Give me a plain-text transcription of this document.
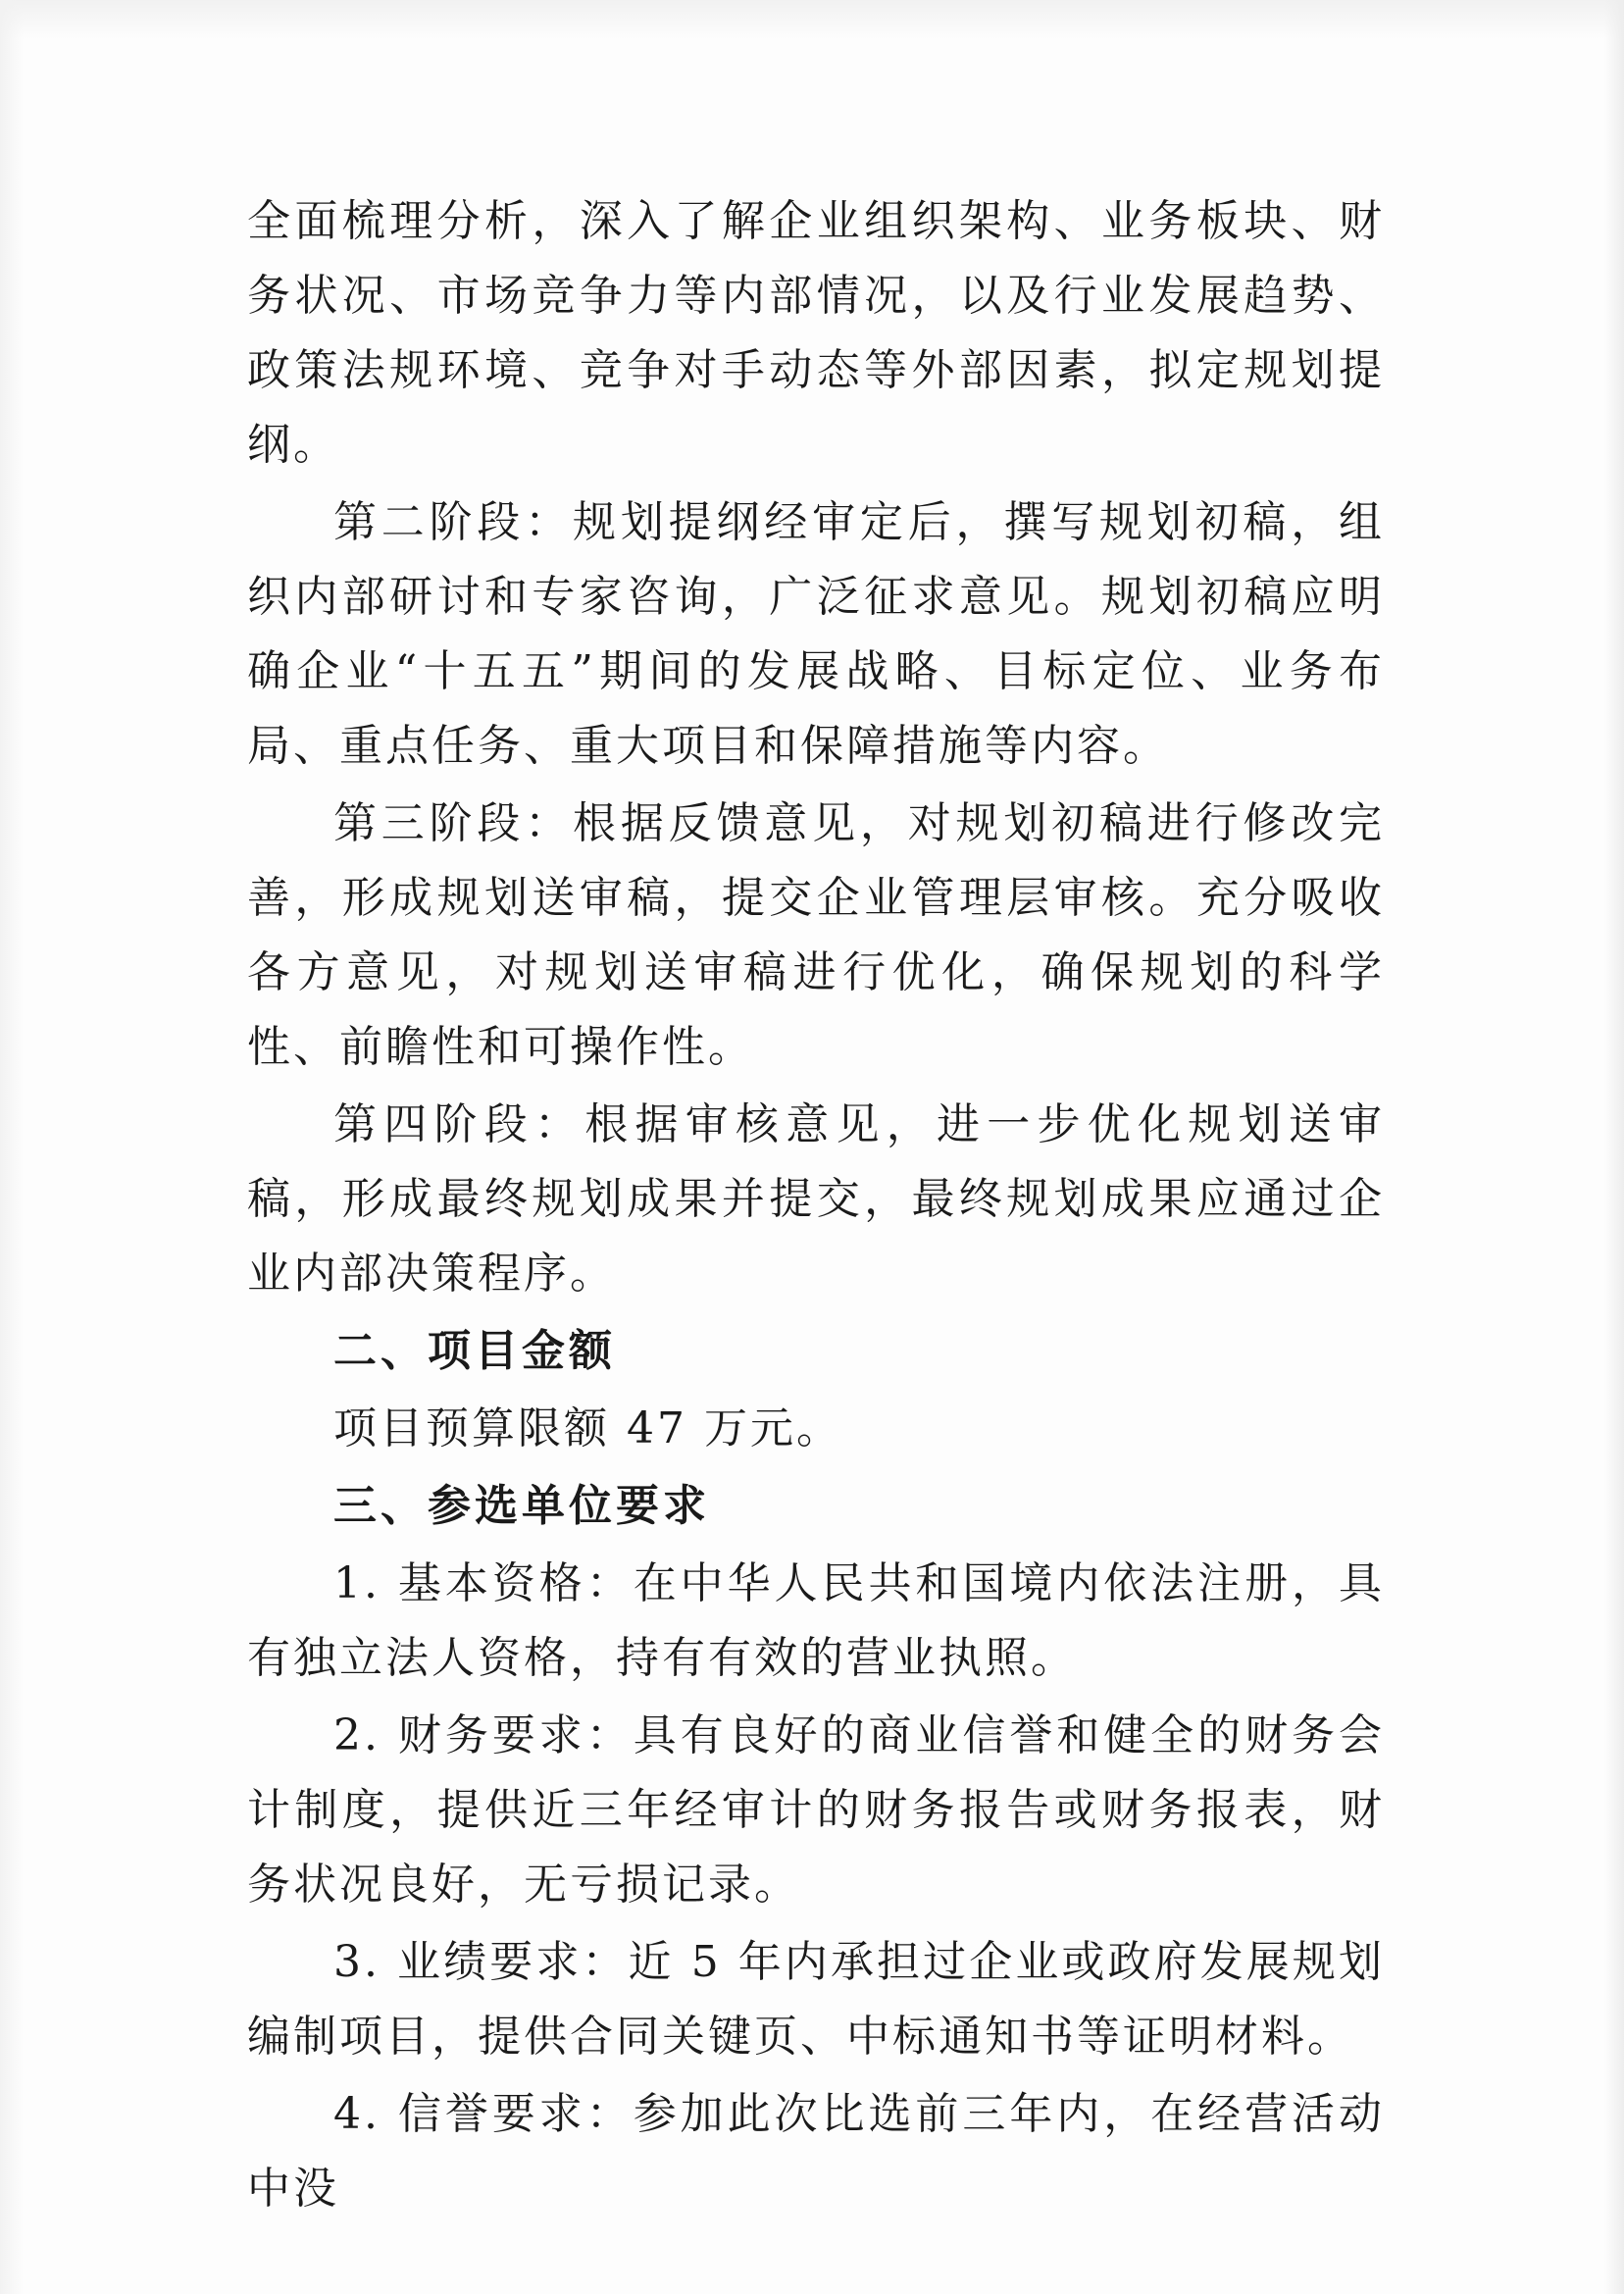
全面梳理分析，深入了解企业组织架构、业务板块、财务状况、市场竞争力等内部情况，以及行业发展趋势、政策法规环境、竞争对手动态等外部因素，拟定规划提纲。

第二阶段：规划提纲经审定后，撰写规划初稿，组织内部研讨和专家咨询，广泛征求意见。规划初稿应明确企业“十五五”期间的发展战略、目标定位、业务布局、重点任务、重大项目和保障措施等内容。

第三阶段：根据反馈意见，对规划初稿进行修改完善，形成规划送审稿，提交企业管理层审核。充分吸收各方意见，对规划送审稿进行优化，确保规划的科学性、前瞻性和可操作性。

第四阶段：根据审核意见，进一步优化规划送审稿，形成最终规划成果并提交，最终规划成果应通过企业内部决策程序。

二、项目金额

项目预算限额 47 万元。

三、参选单位要求

1. 基本资格：在中华人民共和国境内依法注册，具有独立法人资格，持有有效的营业执照。

2. 财务要求：具有良好的商业信誉和健全的财务会计制度，提供近三年经审计的财务报告或财务报表，财务状况良好，无亏损记录。

3. 业绩要求：近 5 年内承担过企业或政府发展规划编制项目，提供合同关键页、中标通知书等证明材料。

4. 信誉要求：参加此次比选前三年内，在经营活动中没
